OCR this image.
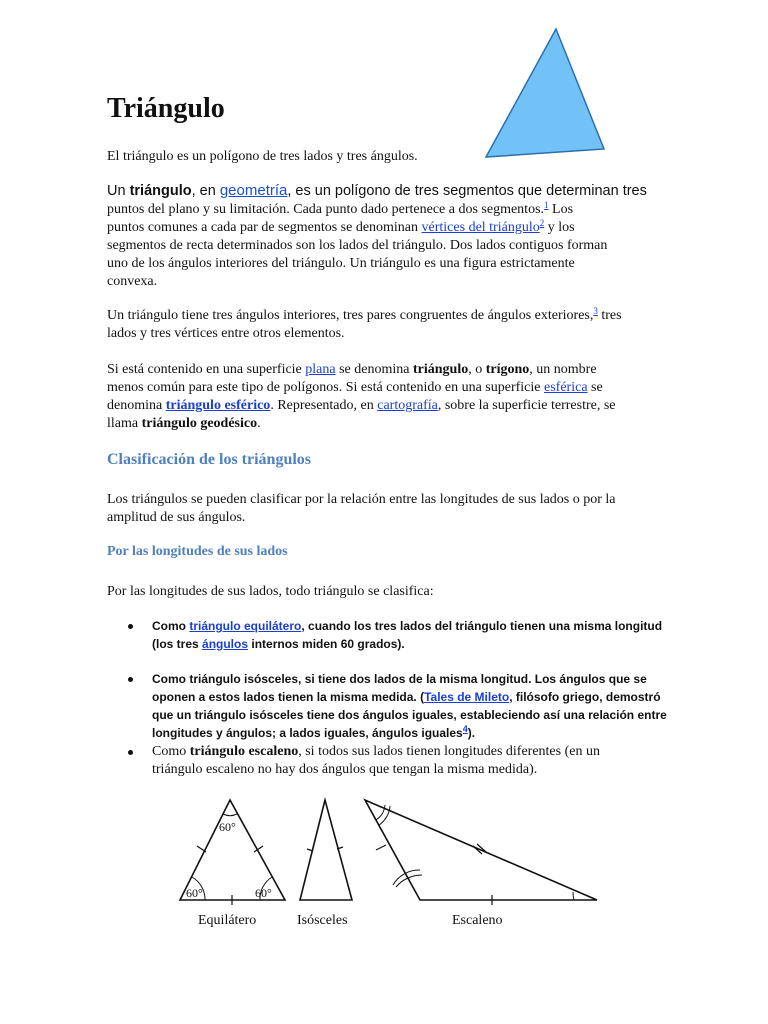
Triángulo
El triángulo es un polígono de tres lados y tres ángulos.
Un triángulo, en geometría, es un polígono de tres segmentos que determinan tres
puntos del plano y su limitación. Cada punto dado pertenece a dos segmentos.$^1$ Los
puntos comunes a cada par de segmentos se denominan vértices del triángulo$^2$ y los
segmentos de recta determinados son los lados del triángulo. Dos lados contiguos forman
uno de los ángulos interiores del triángulo. Un triángulo es una figura estrictamente
convexa.
Un triángulo tiene tres ángulos interiores, tres pares congruentes de ángulos exteriores,$^3$ tres
lados y tres vértices entre otros elementos.
Si está contenido en una superficie plana se denomina triángulo, o trígono, un nombre
menos común para este tipo de polígonos. Si está contenido en una superficie esférica se
denomina triángulo esférico. Representado, en cartografía, sobre la superficie terrestre, se
llama triángulo geodésico.
Clasificación de los triángulos
Los triángulos se pueden clasificar por la relación entre las longitudes de sus lados o por la
amplitud de sus ángulos.
Por las longitudes de sus lados
Por las longitudes de sus lados, todo triángulo se clasifica:
Como triángulo equilátero, cuando los tres lados del triángulo tienen una misma longitud
(los tres ángulos internos miden 60 grados).
Como triángulo isósceles, si tiene dos lados de la misma longitud. Los ángulos que se
oponen a estos lados tienen la misma medida. (Tales de Mileto, filósofo griego, demostró
que un triángulo isósceles tiene dos ángulos iguales, estableciendo así una relación entre
longitudes y ángulos; a lados iguales, ángulos iguales$^4$).
Como triángulo escaleno, si todos sus lados tienen longitudes diferentes (en un
triángulo escaleno no hay dos ángulos que tengan la misma medida).
60°
60°	60°
Equilátero	Isósceles	Escaleno
